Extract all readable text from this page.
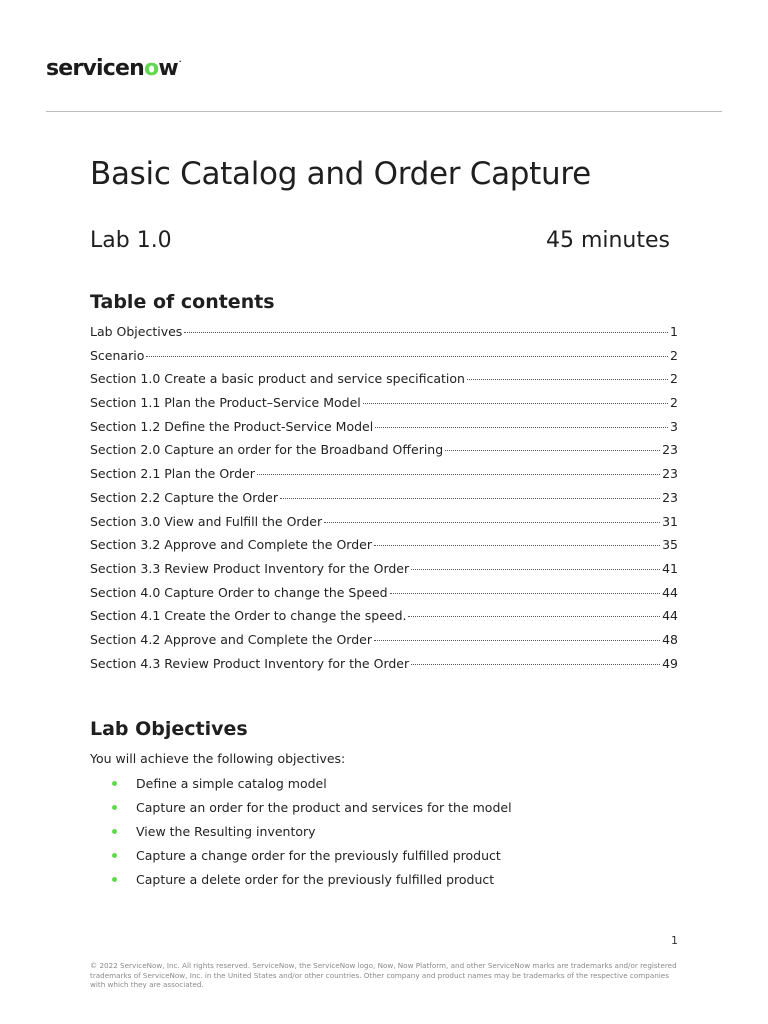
servicenow.
Basic Catalog and Order Capture
Lab 1.0	45 minutes
Table of contents
Lab Objectives	1
Scenario	2
Section 1.0 Create a basic product and service specification	2
Section 1.1 Plan the Product–Service Model	2
Section 1.2 Define the Product-Service Model	3
Section 2.0 Capture an order for the Broadband Offering	23
Section 2.1 Plan the Order	23
Section 2.2 Capture the Order	23
Section 3.0 View and Fulfill the Order	31
Section 3.2 Approve and Complete the Order	35
Section 3.3 Review Product Inventory for the Order	41
Section 4.0 Capture Order to change the Speed	44
Section 4.1 Create the Order to change the speed.	44
Section 4.2 Approve and Complete the Order	48
Section 4.3 Review Product Inventory for the Order	49
Lab Objectives
You will achieve the following objectives:
Define a simple catalog model
Capture an order for the product and services for the model
View the Resulting inventory
Capture a change order for the previously fulfilled product
Capture a delete order for the previously fulfilled product
1
© 2022 ServiceNow, Inc. All rights reserved. ServiceNow, the ServiceNow logo, Now, Now Platform, and other ServiceNow marks are trademarks and/or registered trademarks of ServiceNow, Inc. in the United States and/or other countries. Other company and product names may be trademarks of the respective companies with which they are associated.
